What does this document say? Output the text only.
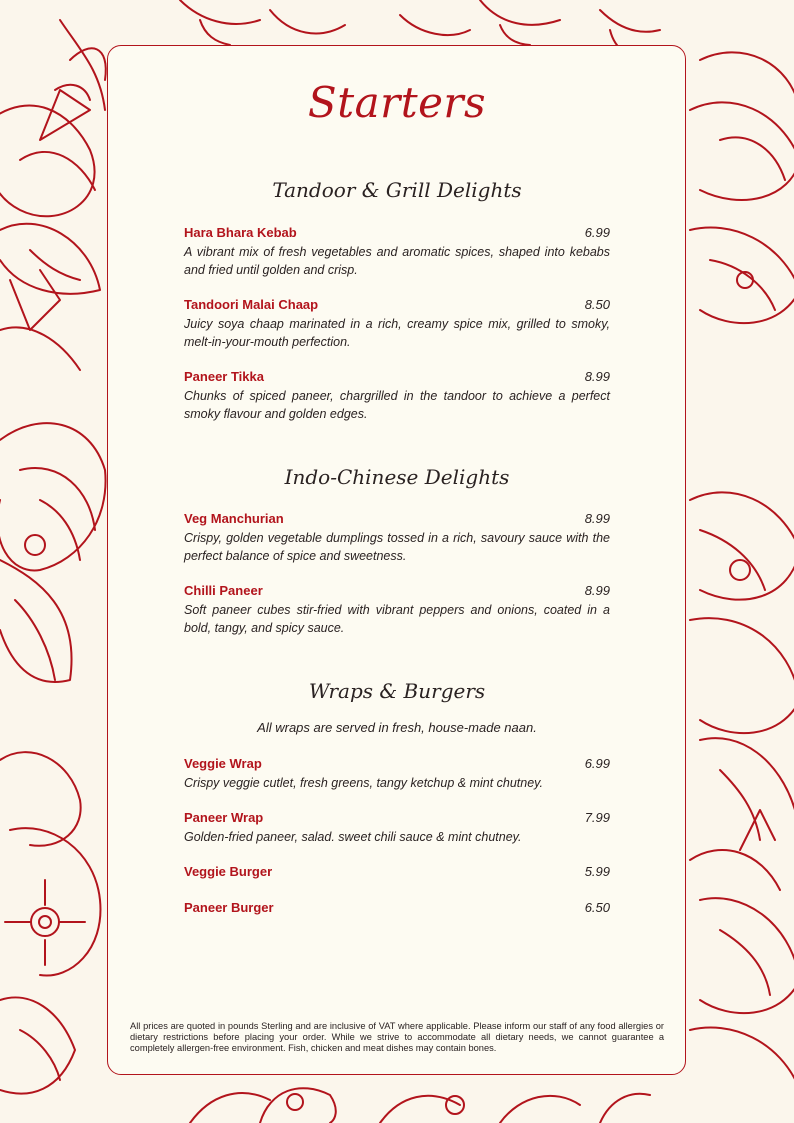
Starters
Tandoor & Grill Delights
Hara Bhara Kebab	6.99
A vibrant mix of fresh vegetables and aromatic spices, shaped into kebabs and fried until golden and crisp.
Tandoori Malai Chaap	8.50
Juicy soya chaap marinated in a rich, creamy spice mix, grilled to smoky, melt-in-your-mouth perfection.
Paneer Tikka	8.99
Chunks of spiced paneer, chargrilled in the tandoor to achieve a perfect smoky flavour and golden edges.
Indo-Chinese Delights
Veg Manchurian	8.99
Crispy, golden vegetable dumplings tossed in a rich, savoury sauce with the perfect balance of spice and sweetness.
Chilli Paneer	8.99
Soft paneer cubes stir-fried with vibrant peppers and onions, coated in a bold, tangy, and spicy sauce.
Wraps & Burgers
All wraps are served in fresh, house-made naan.
Veggie Wrap	6.99
Crispy veggie cutlet, fresh greens, tangy ketchup & mint chutney.
Paneer Wrap	7.99
Golden-fried paneer, salad. sweet chili sauce & mint chutney.
Veggie Burger	5.99
Paneer Burger	6.50
All prices are quoted in pounds Sterling and are inclusive of VAT where applicable. Please inform our staff of any food allergies or dietary restrictions before placing your order. While we strive to accommodate all dietary needs, we cannot guarantee a completely allergen-free environment. Fish, chicken and meat dishes may contain bones.
